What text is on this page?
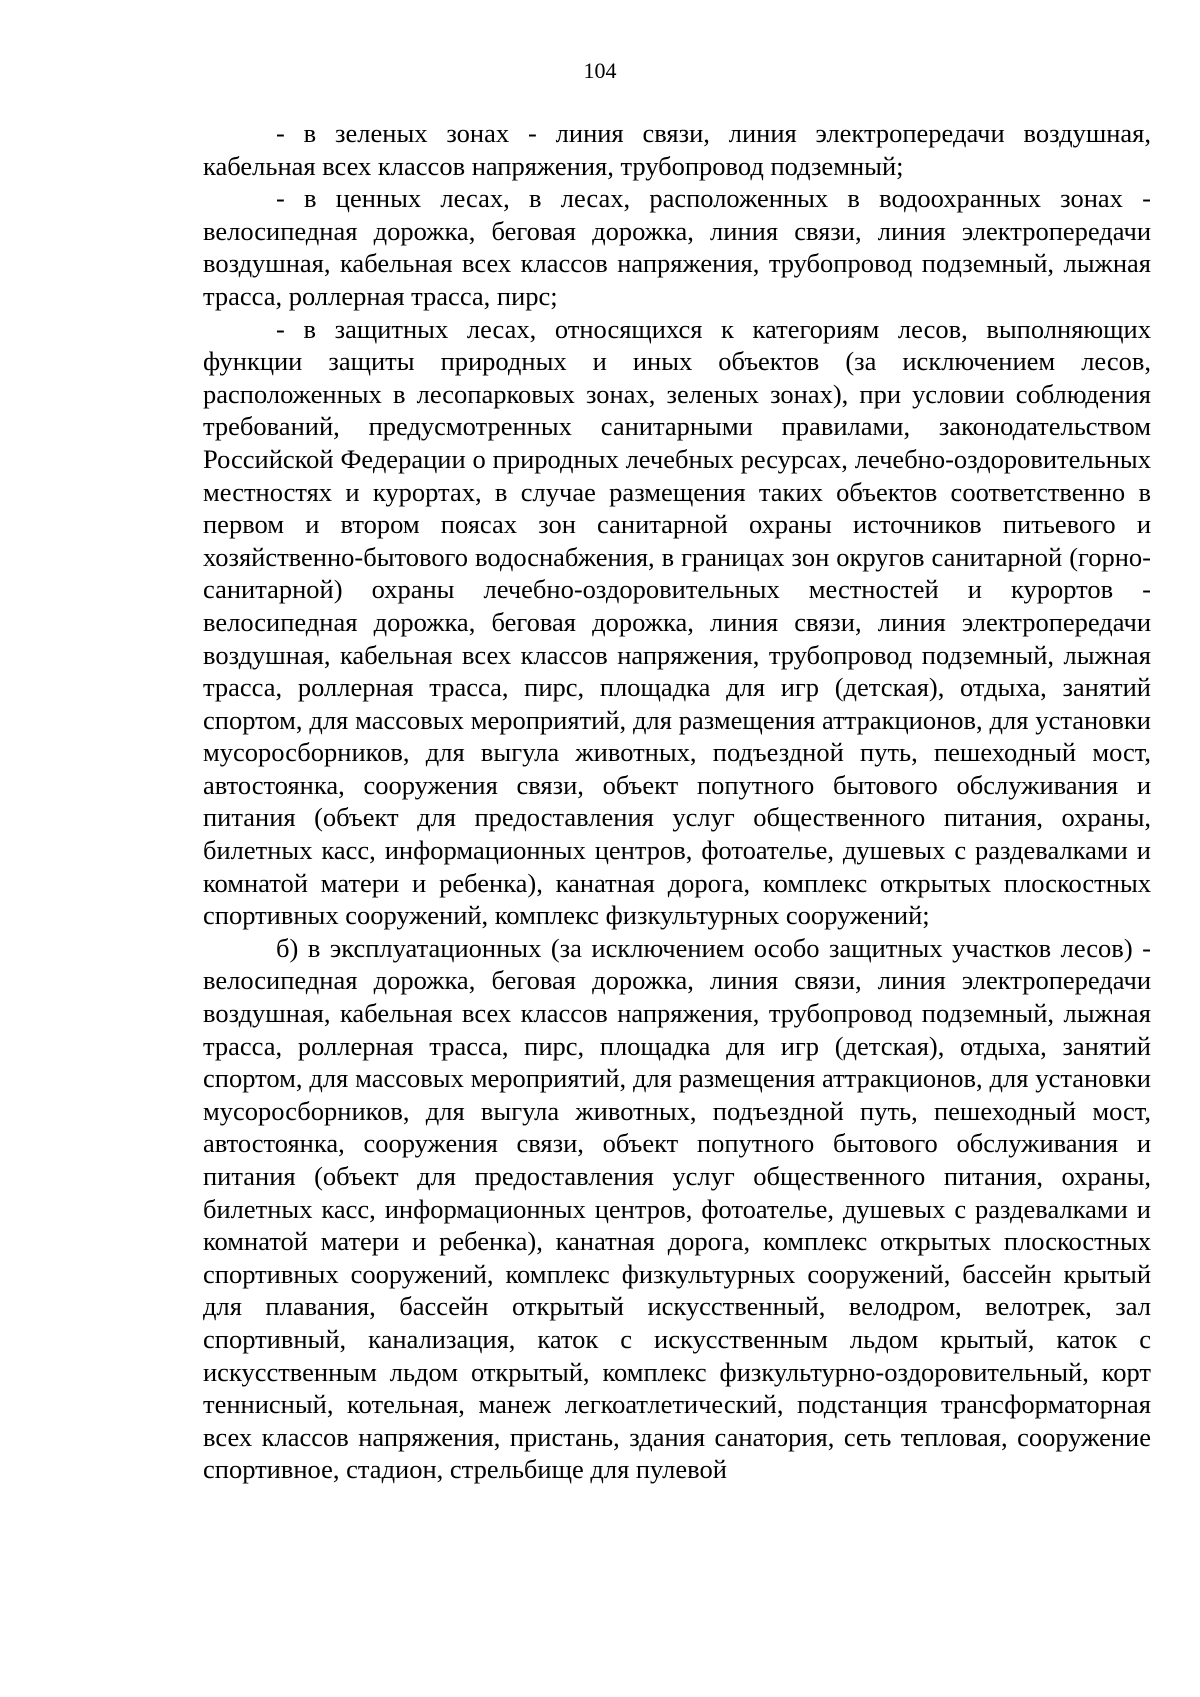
104

- в зеленых зонах - линия связи, линия электропередачи воздушная, кабельная всех классов напряжения, трубопровод подземный;

- в ценных лесах, в лесах, расположенных в водоохранных зонах - велосипедная дорожка, беговая дорожка, линия связи, линия электропередачи воздушная, кабельная всех классов напряжения, трубопровод подземный, лыжная трасса, роллерная трасса, пирс;

- в защитных лесах, относящихся к категориям лесов, выполняющих функции защиты природных и иных объектов (за исключением лесов, расположенных в лесопарковых зонах, зеленых зонах), при условии соблюдения требований, предусмотренных санитарными правилами, законодательством Российской Федерации о природных лечебных ресурсах, лечебно-оздоровительных местностях и курортах, в случае размещения таких объектов соответственно в первом и втором поясах зон санитарной охраны источников питьевого и хозяйственно-бытового водоснабжения, в границах зон округов санитарной (горно-санитарной) охраны лечебно-оздоровительных местностей и курортов - велосипедная дорожка, беговая дорожка, линия связи, линия электропередачи воздушная, кабельная всех классов напряжения, трубопровод подземный, лыжная трасса, роллерная трасса, пирс, площадка для игр (детская), отдыха, занятий спортом, для массовых мероприятий, для размещения аттракционов, для установки мусоросборников, для выгула животных, подъездной путь, пешеходный мост, автостоянка, сооружения связи, объект попутного бытового обслуживания и питания (объект для предоставления услуг общественного питания, охраны, билетных касс, информационных центров, фотоателье, душевых с раздевалками и комнатой матери и ребенка), канатная дорога, комплекс открытых плоскостных спортивных сооружений, комплекс физкультурных сооружений;

б) в эксплуатационных (за исключением особо защитных участков лесов) - велосипедная дорожка, беговая дорожка, линия связи, линия электропередачи воздушная, кабельная всех классов напряжения, трубопровод подземный, лыжная трасса, роллерная трасса, пирс, площадка для игр (детская), отдыха, занятий спортом, для массовых мероприятий, для размещения аттракционов, для установки мусоросборников, для выгула животных, подъездной путь, пешеходный мост, автостоянка, сооружения связи, объект попутного бытового обслуживания и питания (объект для предоставления услуг общественного питания, охраны, билетных касс, информационных центров, фотоателье, душевых с раздевалками и комнатой матери и ребенка), канатная дорога, комплекс открытых плоскостных спортивных сооружений, комплекс физкультурных сооружений, бассейн крытый для плавания, бассейн открытый искусственный, велодром, велотрек, зал спортивный, канализация, каток с искусственным льдом крытый, каток с искусственным льдом открытый, комплекс физкультурно-оздоровительный, корт теннисный, котельная, манеж легкоатлетический, подстанция трансформаторная всех классов напряжения, пристань, здания санатория, сеть тепловая, сооружение спортивное, стадион, стрельбище для пулевой
